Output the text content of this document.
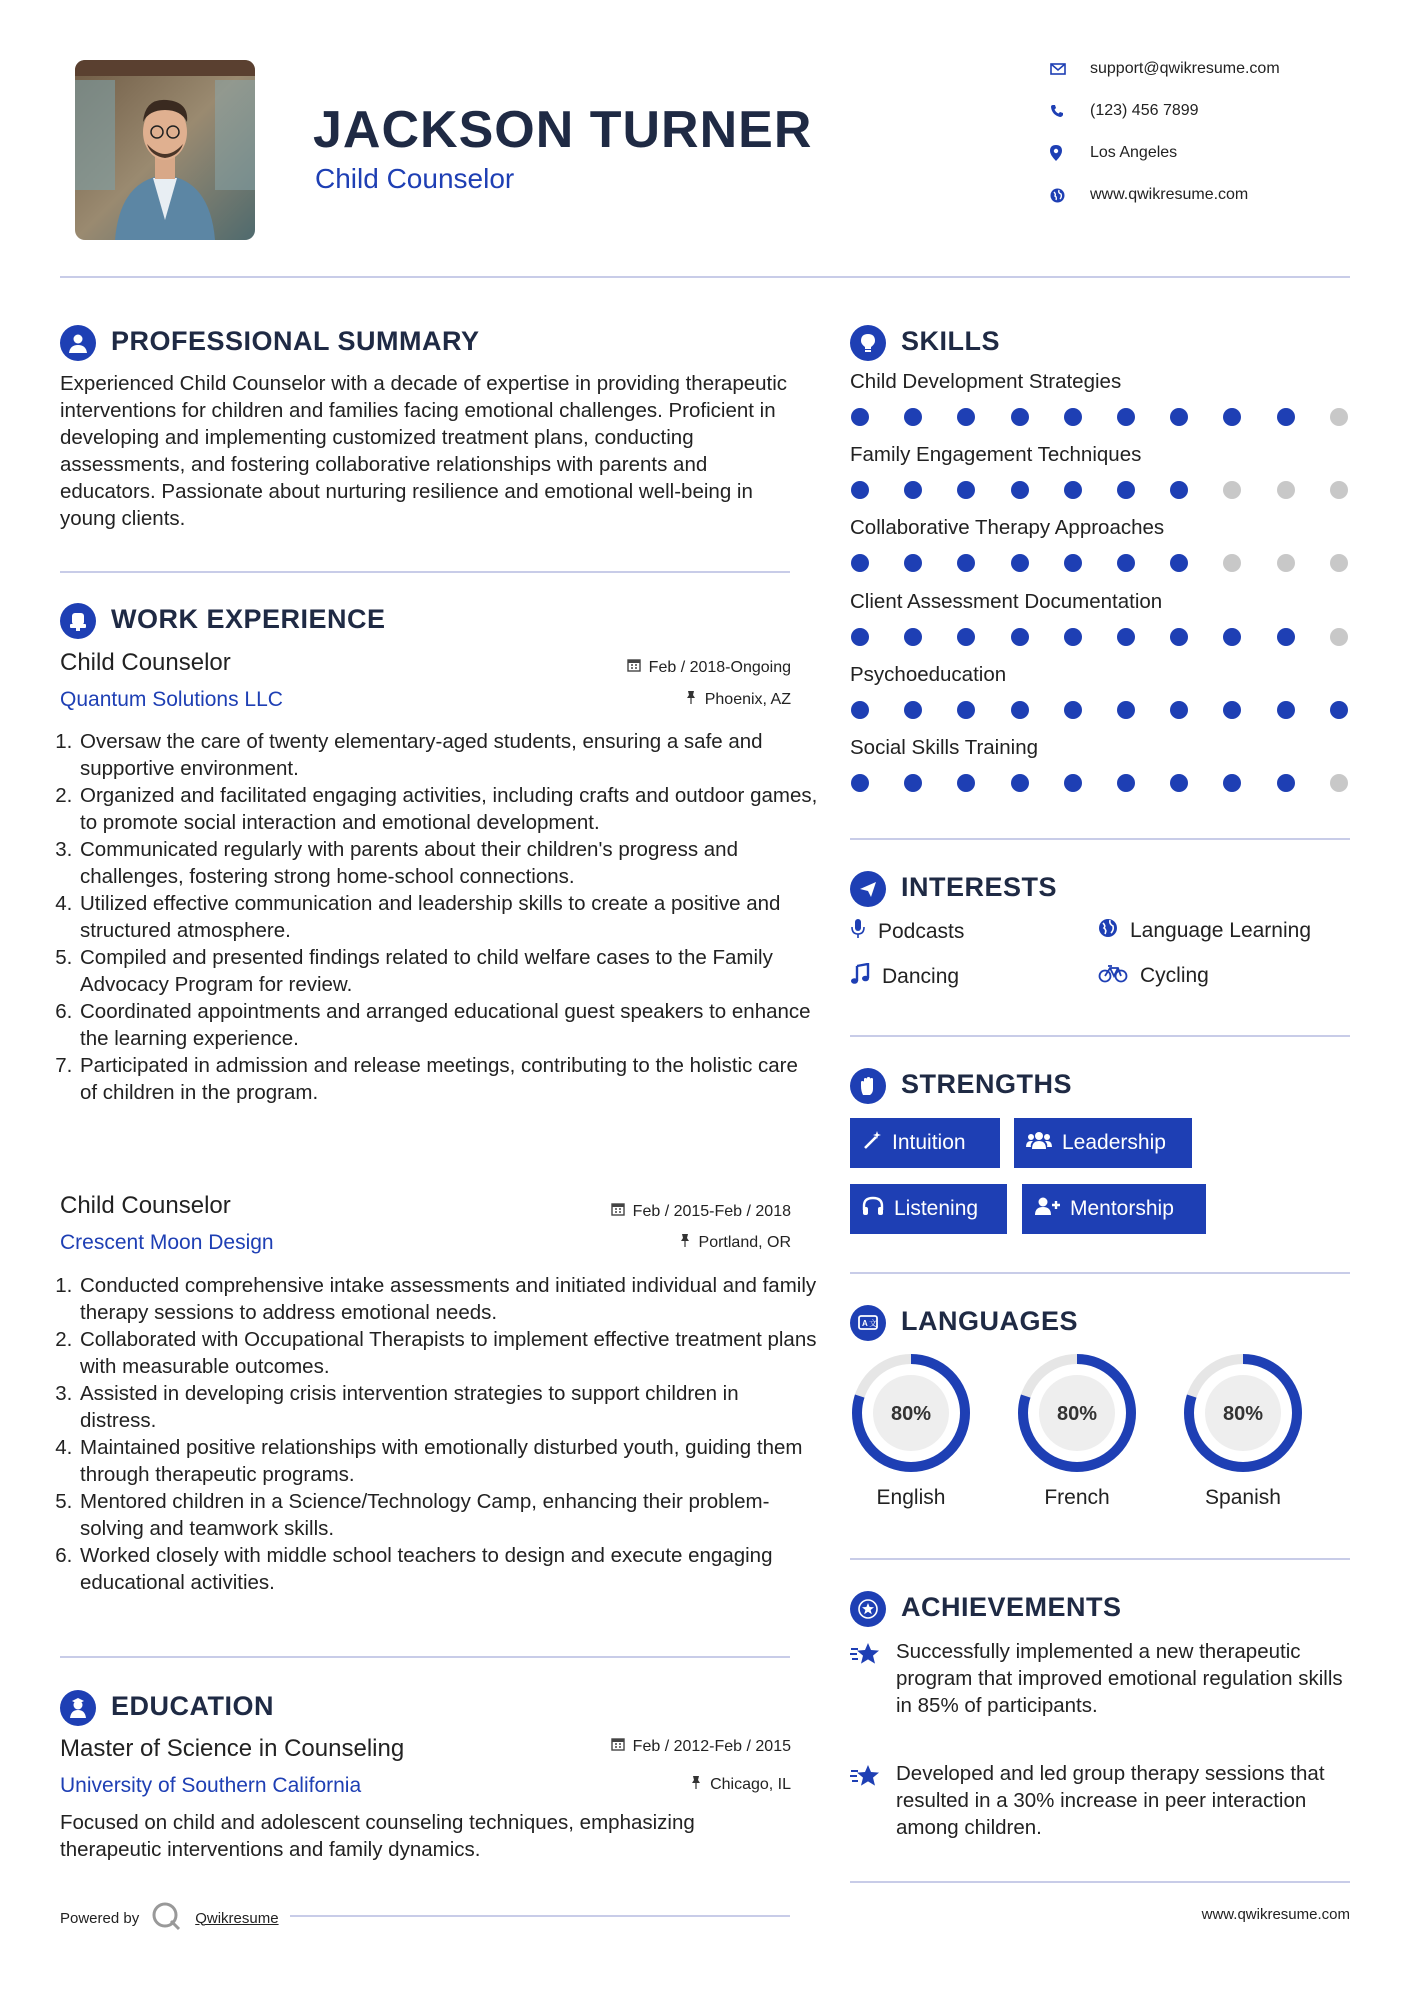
JACKSON TURNER
Child Counselor
support@qwikresume.com
(123) 456 7899
Los Angeles
www.qwikresume.com
PROFESSIONAL SUMMARY
Experienced Child Counselor with a decade of expertise in providing therapeutic interventions for children and families facing emotional challenges. Proficient in developing and implementing customized treatment plans, conducting assessments, and fostering collaborative relationships with parents and educators. Passionate about nurturing resilience and emotional well-being in young clients.
WORK EXPERIENCE
Child Counselor
Quantum Solutions LLC
Feb / 2018-Ongoing
Phoenix, AZ
1. Oversaw the care of twenty elementary-aged students, ensuring a safe and supportive environment.
2. Organized and facilitated engaging activities, including crafts and outdoor games, to promote social interaction and emotional development.
3. Communicated regularly with parents about their children's progress and challenges, fostering strong home-school connections.
4. Utilized effective communication and leadership skills to create a positive and structured atmosphere.
5. Compiled and presented findings related to child welfare cases to the Family Advocacy Program for review.
6. Coordinated appointments and arranged educational guest speakers to enhance the learning experience.
7. Participated in admission and release meetings, contributing to the holistic care of children in the program.
Child Counselor
Crescent Moon Design
Feb / 2015-Feb / 2018
Portland, OR
1. Conducted comprehensive intake assessments and initiated individual and family therapy sessions to address emotional needs.
2. Collaborated with Occupational Therapists to implement effective treatment plans with measurable outcomes.
3. Assisted in developing crisis intervention strategies to support children in distress.
4. Maintained positive relationships with emotionally disturbed youth, guiding them through therapeutic programs.
5. Mentored children in a Science/Technology Camp, enhancing their problem-solving and teamwork skills.
6. Worked closely with middle school teachers to design and execute engaging educational activities.
EDUCATION
Master of Science in Counseling
University of Southern California
Feb / 2012-Feb / 2015
Chicago, IL
Focused on child and adolescent counseling techniques, emphasizing therapeutic interventions and family dynamics.
Powered by	Qwikresume
SKILLS
Child Development Strategies
Family Engagement Techniques
Collaborative Therapy Approaches
Client Assessment Documentation
Psychoeducation
Social Skills Training
INTERESTS
Podcasts	Language Learning
Dancing	Cycling
STRENGTHS
Intuition	Leadership
Listening	Mentorship
A 文 LANGUAGES
80%
English
80%
French
80%
Spanish
ACHIEVEMENTS
Successfully implemented a new therapeutic program that improved emotional regulation skills in 85% of participants.
Developed and led group therapy sessions that resulted in a 30% increase in peer interaction among children.
www.qwikresume.com
